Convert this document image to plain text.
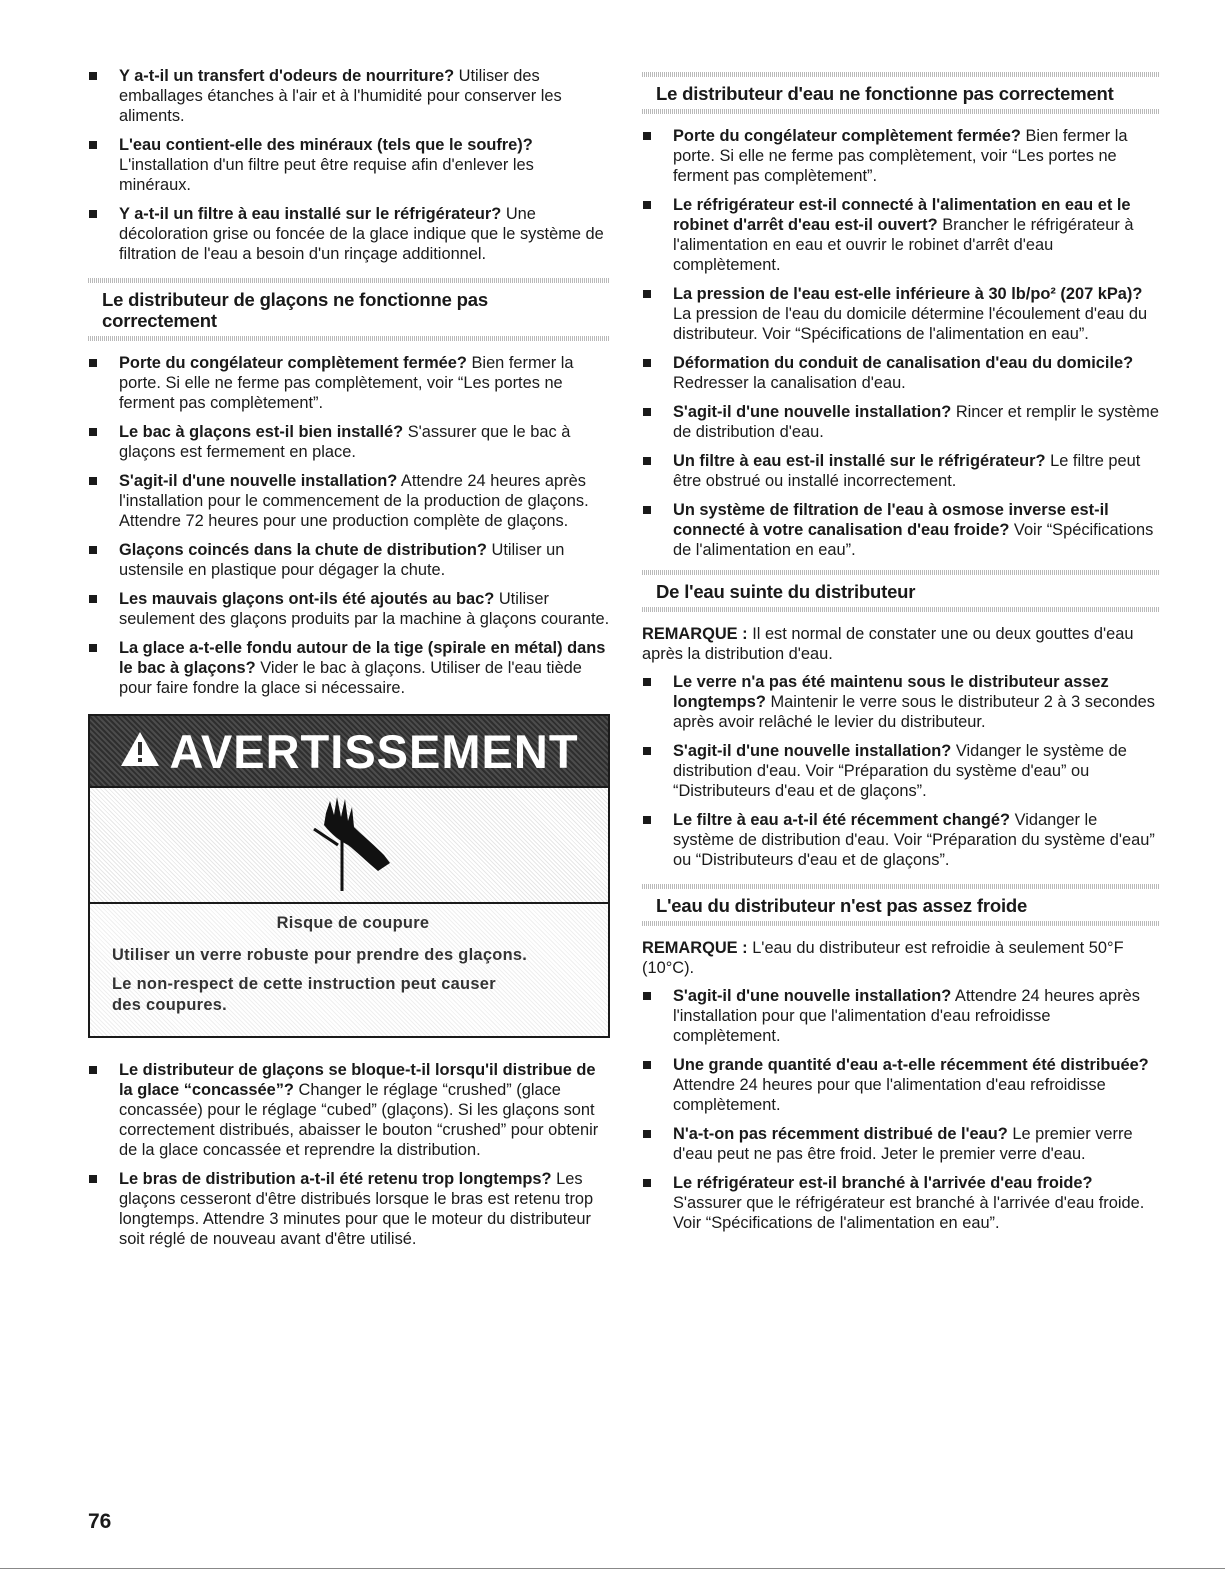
Y a-t-il un transfert d'odeurs de nourriture? Utiliser des emballages étanches à l'air et à l'humidité pour conserver les aliments.
L'eau contient-elle des minéraux (tels que le soufre)? L'installation d'un filtre peut être requise afin d'enlever les minéraux.
Y a-t-il un filtre à eau installé sur le réfrigérateur? Une décoloration grise ou foncée de la glace indique que le système de filtration de l'eau a besoin d'un rinçage additionnel.
Le distributeur de glaçons ne fonctionne pas correctement
Porte du congélateur complètement fermée? Bien fermer la porte. Si elle ne ferme pas complètement, voir “Les portes ne ferment pas complètement”.
Le bac à glaçons est-il bien installé? S'assurer que le bac à glaçons est fermement en place.
S'agit-il d'une nouvelle installation? Attendre 24 heures après l'installation pour le commencement de la production de glaçons. Attendre 72 heures pour une production complète de glaçons.
Glaçons coincés dans la chute de distribution? Utiliser un ustensile en plastique pour dégager la chute.
Les mauvais glaçons ont-ils été ajoutés au bac? Utiliser seulement des glaçons produits par la machine à glaçons courante.
La glace a-t-elle fondu autour de la tige (spirale en métal) dans le bac à glaçons? Vider le bac à glaçons. Utiliser de l'eau tiède pour faire fondre la glace si nécessaire.
AVERTISSEMENT
Risque de coupure
Utiliser un verre robuste pour prendre des glaçons.
Le non-respect de cette instruction peut causer des coupures.
Le distributeur de glaçons se bloque-t-il lorsqu'il distribue de la glace “concassée”? Changer le réglage “crushed” (glace concassée) pour le réglage “cubed” (glaçons). Si les glaçons sont correctement distribués, abaisser le bouton “crushed” pour obtenir de la glace concassée et reprendre la distribution.
Le bras de distribution a-t-il été retenu trop longtemps? Les glaçons cesseront d'être distribués lorsque le bras est retenu trop longtemps. Attendre 3 minutes pour que le moteur du distributeur soit réglé de nouveau avant d'être utilisé.
Le distributeur d'eau ne fonctionne pas correctement
Porte du congélateur complètement fermée? Bien fermer la porte. Si elle ne ferme pas complètement, voir “Les portes ne ferment pas complètement”.
Le réfrigérateur est-il connecté à l'alimentation en eau et le robinet d'arrêt d'eau est-il ouvert? Brancher le réfrigérateur à l'alimentation en eau et ouvrir le robinet d'arrêt d'eau complètement.
La pression de l'eau est-elle inférieure à 30 lb/po² (207 kPa)? La pression de l'eau du domicile détermine l'écoulement d'eau du distributeur. Voir “Spécifications de l'alimentation en eau”.
Déformation du conduit de canalisation d'eau du domicile? Redresser la canalisation d'eau.
S'agit-il d'une nouvelle installation? Rincer et remplir le système de distribution d'eau.
Un filtre à eau est-il installé sur le réfrigérateur? Le filtre peut être obstrué ou installé incorrectement.
Un système de filtration de l'eau à osmose inverse est-il connecté à votre canalisation d'eau froide? Voir “Spécifications de l'alimentation en eau”.
De l'eau suinte du distributeur

REMARQUE : Il est normal de constater une ou deux gouttes d'eau après la distribution d'eau.

Le verre n'a pas été maintenu sous le distributeur assez longtemps? Maintenir le verre sous le distributeur 2 à 3 secondes après avoir relâché le levier du distributeur.
S'agit-il d'une nouvelle installation? Vidanger le système de distribution d'eau. Voir “Préparation du système d'eau” ou “Distributeurs d'eau et de glaçons”.
Le filtre à eau a-t-il été récemment changé? Vidanger le système de distribution d'eau. Voir “Préparation du système d'eau” ou “Distributeurs d'eau et de glaçons”.
L'eau du distributeur n'est pas assez froide

REMARQUE : L'eau du distributeur est refroidie à seulement 50°F (10°C).

S'agit-il d'une nouvelle installation? Attendre 24 heures après l'installation pour que l'alimentation d'eau refroidisse complètement.
Une grande quantité d'eau a-t-elle récemment été distribuée? Attendre 24 heures pour que l'alimentation d'eau refroidisse complètement.
N'a-t-on pas récemment distribué de l'eau? Le premier verre d'eau peut ne pas être froid. Jeter le premier verre d'eau.
Le réfrigérateur est-il branché à l'arrivée d'eau froide? S'assurer que le réfrigérateur est branché à l'arrivée d'eau froide. Voir “Spécifications de l'alimentation en eau”.
76
